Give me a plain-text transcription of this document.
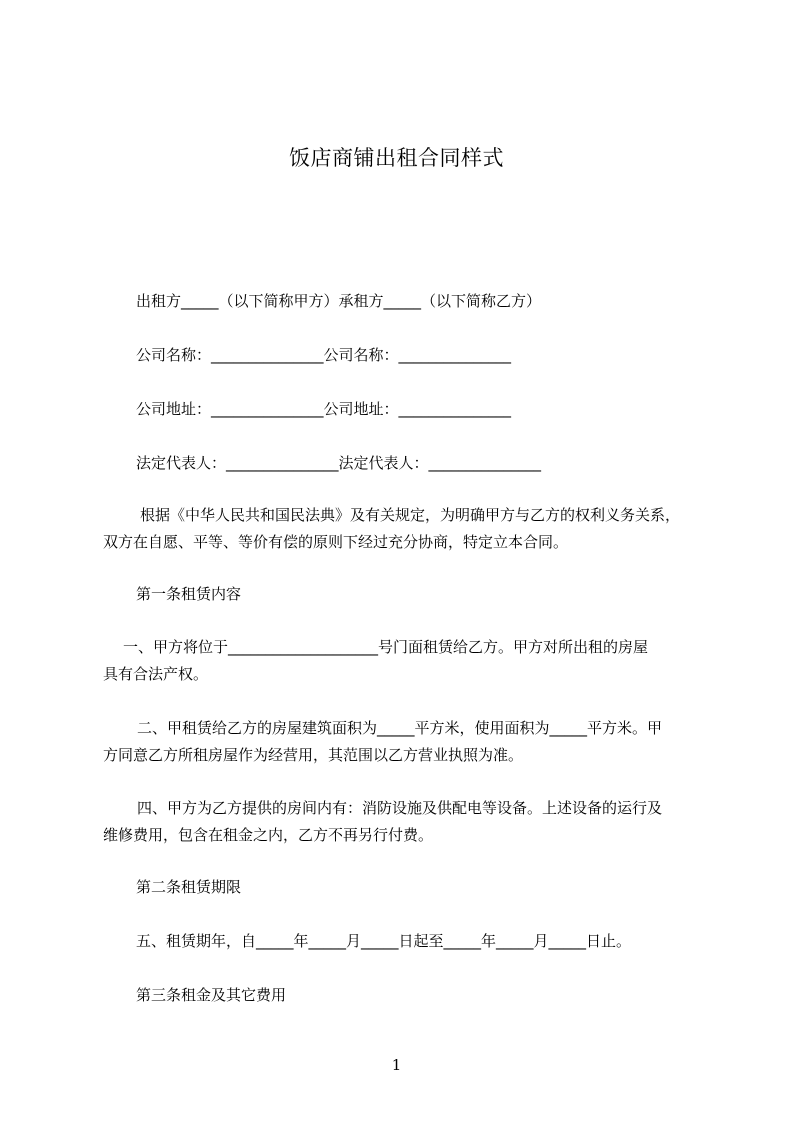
饭店商铺出租合同样式
出租方_____（以下简称甲方）承租方_____（以下简称乙方）
公司名称：_______________公司名称：_______________
公司地址：_______________公司地址：_______________
法定代表人：_______________法定代表人：_______________
根据《中华人民共和国民法典》及有关规定，为明确甲方与乙方的权利义务关系，
双方在自愿、平等、等价有偿的原则下经过充分协商，特定立本合同。
第一条租赁内容
一、甲方将位于____________________号门面租赁给乙方。甲方对所出租的房屋
具有合法产权。
二、甲租赁给乙方的房屋建筑面积为_____平方米，使用面积为_____平方米。甲
方同意乙方所租房屋作为经营用，其范围以乙方营业执照为准。
四、甲方为乙方提供的房间内有：消防设施及供配电等设备。上述设备的运行及
维修费用，包含在租金之内，乙方不再另行付费。
第二条租赁期限
五、租赁期年，自_____年_____月_____日起至_____年_____月_____日止。
第三条租金及其它费用
1
